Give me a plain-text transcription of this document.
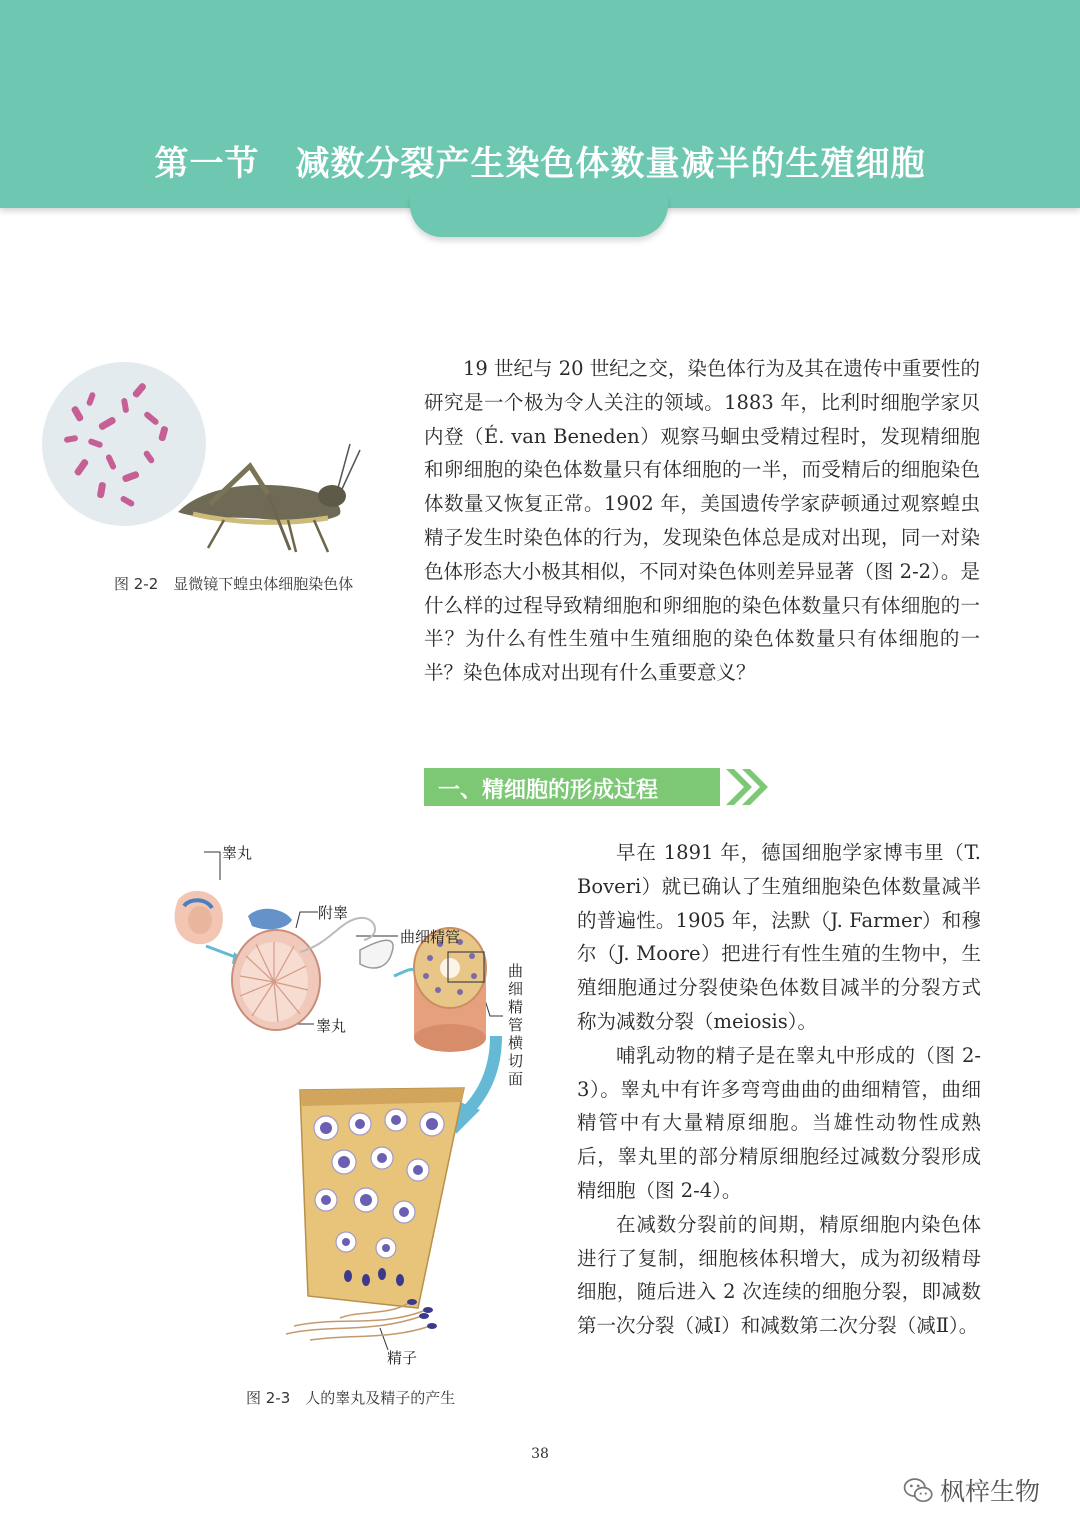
第一节 减数分裂产生染色体数量减半的生殖细胞
图 2-2　显微镜下蝗虫体细胞染色体

19 世纪与 20 世纪之交，染色体行为及其在遗传中重要性的研究是一个极为令人关注的领域。1883 年，比利时细胞学家贝内登（É. van Beneden）观察马蛔虫受精过程时，发现精细胞和卵细胞的染色体数量只有体细胞的一半，而受精后的细胞染色体数量又恢复正常。1902 年，美国遗传学家萨顿通过观察蝗虫精子发生时染色体的行为，发现染色体总是成对出现，同一对染色体形态大小极其相似，不同对染色体则差异显著（图 2-2）。是什么样的过程导致精细胞和卵细胞的染色体数量只有体细胞的一半？为什么有性生殖中生殖细胞的染色体数量只有体细胞的一半？染色体成对出现有什么重要意义？

一、精细胞的形成过程
睾丸
附睾
曲细精管
睾丸
曲细精管横切面
精子
图 2-3　人的睾丸及精子的产生

早在 1891 年，德国细胞学家博韦里（T. Boveri）就已确认了生殖细胞染色体数量减半的普遍性。1905 年，法默（J. Farmer）和穆尔（J. Moore）把进行有性生殖的生物中，生殖细胞通过分裂使染色体数目减半的分裂方式称为减数分裂（meiosis）。

哺乳动物的精子是在睾丸中形成的（图 2-3）。睾丸中有许多弯弯曲曲的曲细精管，曲细精管中有大量精原细胞。当雄性动物性成熟后，睾丸里的部分精原细胞经过减数分裂形成精细胞（图 2-4）。

在减数分裂前的间期，精原细胞内染色体进行了复制，细胞核体积增大，成为初级精母细胞，随后进入 2 次连续的细胞分裂，即减数第一次分裂（减Ⅰ）和减数第二次分裂（减Ⅱ）。

38
枫梓生物
